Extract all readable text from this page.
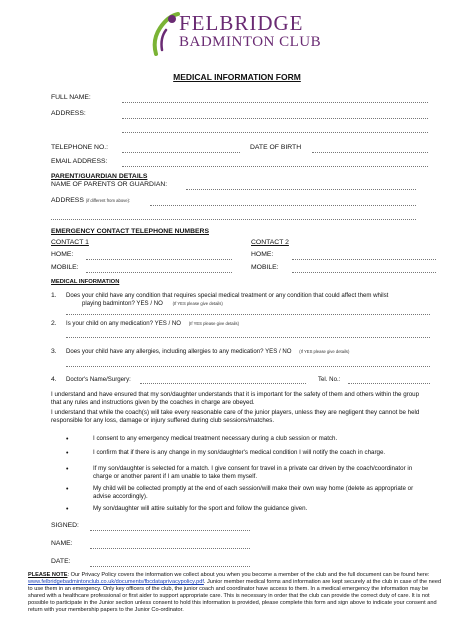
FELBRIDGE
BADMINTON CLUB
MEDICAL INFORMATION FORM
FULL NAME:
ADDRESS:
TELEPHONE NO.:	DATE OF BIRTH
EMAIL ADDRESS:
PARENT/GUARDIAN DETAILS
NAME OF PARENTS OR GUARDIAN:
ADDRESS (if different from above):
EMERGENCY CONTACT TELEPHONE NUMBERS
CONTACT 1	CONTACT 2
HOME:	HOME:
MOBILE:	MOBILE:
MEDICAL INFORMATION
1. Does your child have any condition that requires special medical treatment or any condition that could affect them whilst
playing badminton? YES / NO (If YES please give details)
2. Is your child on any medication? YES / NO (If YES please give details)
3. Does your child have any allergies, including allergies to any medication? YES / NO (If YES please give details)
4. Doctor's Name/Surgery:	Tel. No.:
I understand and have ensured that my son/daughter understands that it is important for the safety of them and others within the group that any rules and instructions given by the coaches in charge are obeyed.
I understand that while the coach(s) will take every reasonable care of the junior players, unless they are negligent they cannot be held responsible for any loss, damage or injury suffered during club sessions/matches.
•	I consent to any emergency medical treatment necessary during a club session or match.
•	I confirm that if there is any change in my son/daughter's medical condition I will notify the coach in charge.
•	If my son/daughter is selected for a match. I give consent for travel in a private car driven by the coach/coordinator in charge or another parent if I am unable to take them myself.
•	My child will be collected promptly at the end of each session/will make their own way home (delete as appropriate or advise accordingly).
•	My son/daughter will attire suitably for the sport and follow the guidance given.
SIGNED:
NAME:
DATE:
PLEASE NOTE: Our Privacy Policy covers the information we collect about you when you become a member of the club and the full document can be found here: www.felbridgebadmintonclub.co.uk/documents/fbcdataprivacypolicy.pdf. Junior member medical forms and information are kept securely at the club in case of the need to use them in an emergency. Only key officers of the club, the junior coach and coordinator have access to them. In a medical emergency the information may be shared with a healthcare professional or first aider to support appropriate care. This is necessary in order that the club can provide the correct duty of care. It is not possible to participate in the Junior section unless consent to hold this information is provided, please complete this form and sign above to indicate your consent and return with your membership papers to the Junior Co-ordinator.
